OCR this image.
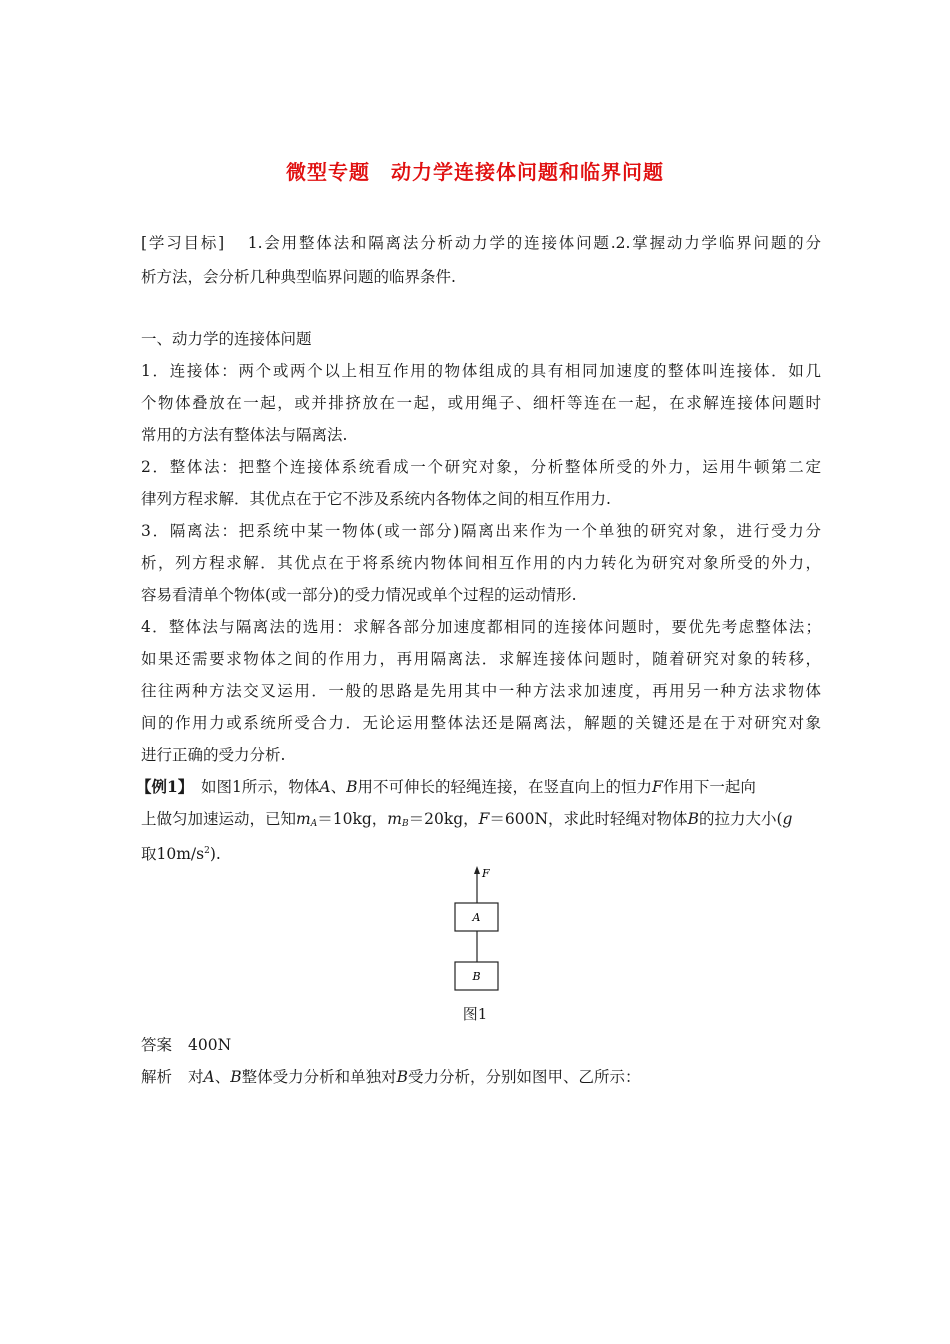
微型专题　动力学连接体问题和临界问题
[学习目标] 1.会用整体法和隔离法分析动力学的连接体问题.2.掌握动力学临界问题的分
析方法，会分析几种典型临界问题的临界条件.
一、动力学的连接体问题
1．连接体：两个或两个以上相互作用的物体组成的具有相同加速度的整体叫连接体．如几
个物体叠放在一起，或并排挤放在一起，或用绳子、细杆等连在一起，在求解连接体问题时
常用的方法有整体法与隔离法.
2．整体法：把整个连接体系统看成一个研究对象，分析整体所受的外力，运用牛顿第二定
律列方程求解．其优点在于它不涉及系统内各物体之间的相互作用力.
3．隔离法：把系统中某一物体(或一部分)隔离出来作为一个单独的研究对象，进行受力分
析，列方程求解．其优点在于将系统内物体间相互作用的内力转化为研究对象所受的外力，
容易看清单个物体(或一部分)的受力情况或单个过程的运动情形.
4．整体法与隔离法的选用：求解各部分加速度都相同的连接体问题时，要优先考虑整体法；
如果还需要求物体之间的作用力，再用隔离法．求解连接体问题时，随着研究对象的转移，
往往两种方法交叉运用．一般的思路是先用其中一种方法求加速度，再用另一种方法求物体
间的作用力或系统所受合力．无论运用整体法还是隔离法，解题的关键还是在于对研究对象
进行正确的受力分析.
【例1】　如图1所示，物体A、B用不可伸长的轻绳连接，在竖直向上的恒力F作用下一起向
上做匀加速运动，已知$m_A=10kg$，$m_B=20kg$，F＝600N，求此时轻绳对物体B的拉力大小(g
取$10m/s^2$).
F
A
B
图1
答案 400N
解析 对A、B整体受力分析和单独对B受力分析，分别如图甲、乙所示：
